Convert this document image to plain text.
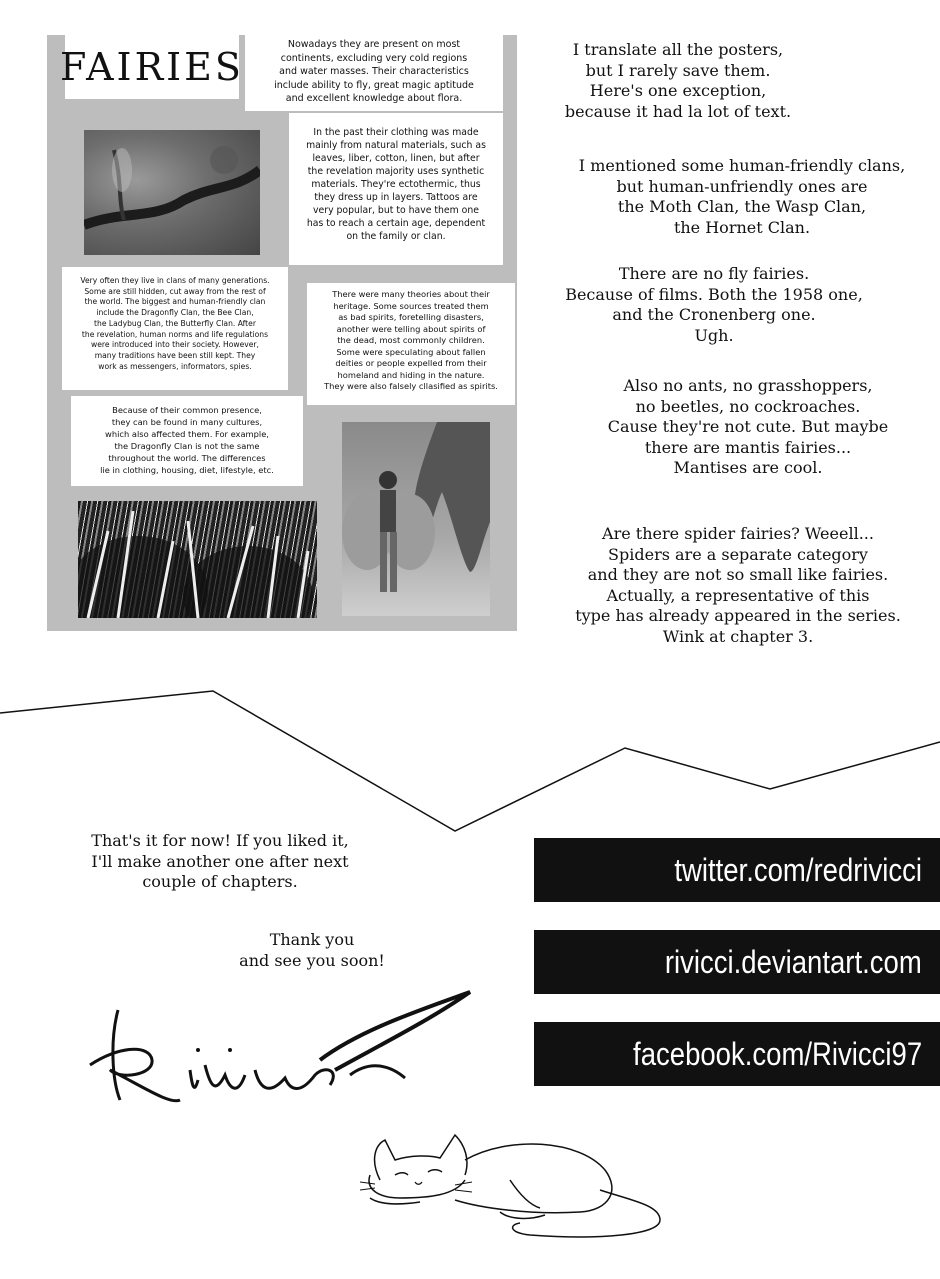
FAIRIES
Nowadays they are present on most
continents, excluding very cold regions
and water masses. Their characteristics
include ability to fly, great magic aptitude
and excellent knowledge about flora.
In the past their clothing was made
mainly from natural materials, such as
leaves, liber, cotton, linen, but after
the revelation majority uses synthetic
materials. They're ectothermic, thus
they dress up in layers. Tattoos are
very popular, but to have them one
has to reach a certain age, dependent
on the family or clan.
Very often they live in clans of many generations.
Some are still hidden, cut away from the rest of
the world. The biggest and human-friendly clan
include the Dragonfly Clan, the Bee Clan,
the Ladybug Clan, the Butterfly Clan. After
the revelation, human norms and life regulations
were introduced into their society. However,
many traditions have been still kept. They
work as messengers, informators, spies.
There were many theories about their
heritage. Some sources treated them
as bad spirits, foretelling disasters,
another were telling about spirits of
the dead, most commonly children.
Some were speculating about fallen
deities or people expelled from their
homeland and hiding in the nature.
They were also falsely cllasified as spirits.
Because of their common presence,
they can be found in many cultures,
which also affected them. For example,
the Dragonfly Clan is not the same
throughout the world. The differences
lie in clothing, housing, diet, lifestyle, etc.
I translate all the posters,
but I rarely save them.
Here's one exception,
because it had la lot of text.
I mentioned some human-friendly clans,
but human-unfriendly ones are
the Moth Clan, the Wasp Clan,
the Hornet Clan.
There are no fly fairies.
Because of films. Both the 1958 one,
and the Cronenberg one.
Ugh.
Also no ants, no grasshoppers,
no beetles, no cockroaches.
Cause they're not cute. But maybe
there are mantis fairies...
Mantises are cool.
Are there spider fairies? Weeell...
Spiders are a separate category
and they are not so small like fairies.
Actually, a representative of this
type has already appeared in the series.
Wink at chapter 3.
That's it for now! If you liked it,
I'll make another one after next
couple of chapters.
Thank you
and see you soon!
twitter.com/redrivicci
rivicci.deviantart.com
facebook.com/Rivicci97
